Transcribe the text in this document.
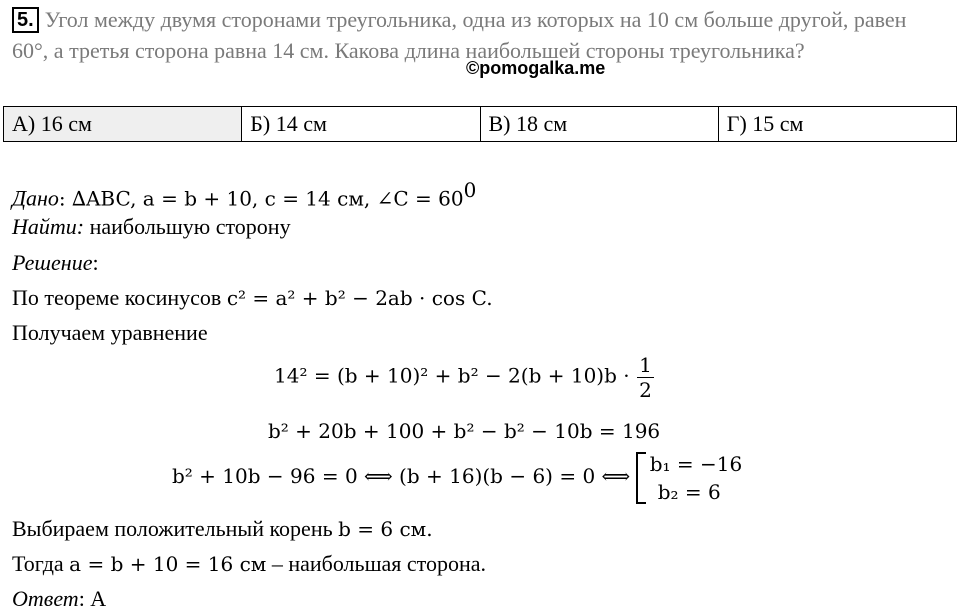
5. Угол между двумя сторонами треугольника, одна из которых на 10 см больше другой, равен 60°, а третья сторона равна 14 см. Какова длина наибольшей стороны треугольника?
©pomogalka.me
А) 16 см	Б) 14 см	В) 18 см	Г) 15 см
Дано: ∆ABC, a = b + 10, c = 14 см, ∠C = $60^0$
Найти: наибольшую сторону
Решение:
По теореме косинусов c² = a² + b² − 2ab · cos C.
Получаем уравнение
$14^2 = (b + 10)^2 + b^2 - 2(b + 10)b \cdot \frac{1}{2}$
b² + 20b + 100 + b² − b² − 10b = 196
b² + 10b − 96 = 0 ⟺ (b + 16)(b − 6) = 0 ⟺
b₁ = −16
b₂ = 6
Выбираем положительный корень b = 6 см.
Тогда a = b + 10 = 16 см – наибольшая сторона.
Ответ: А
